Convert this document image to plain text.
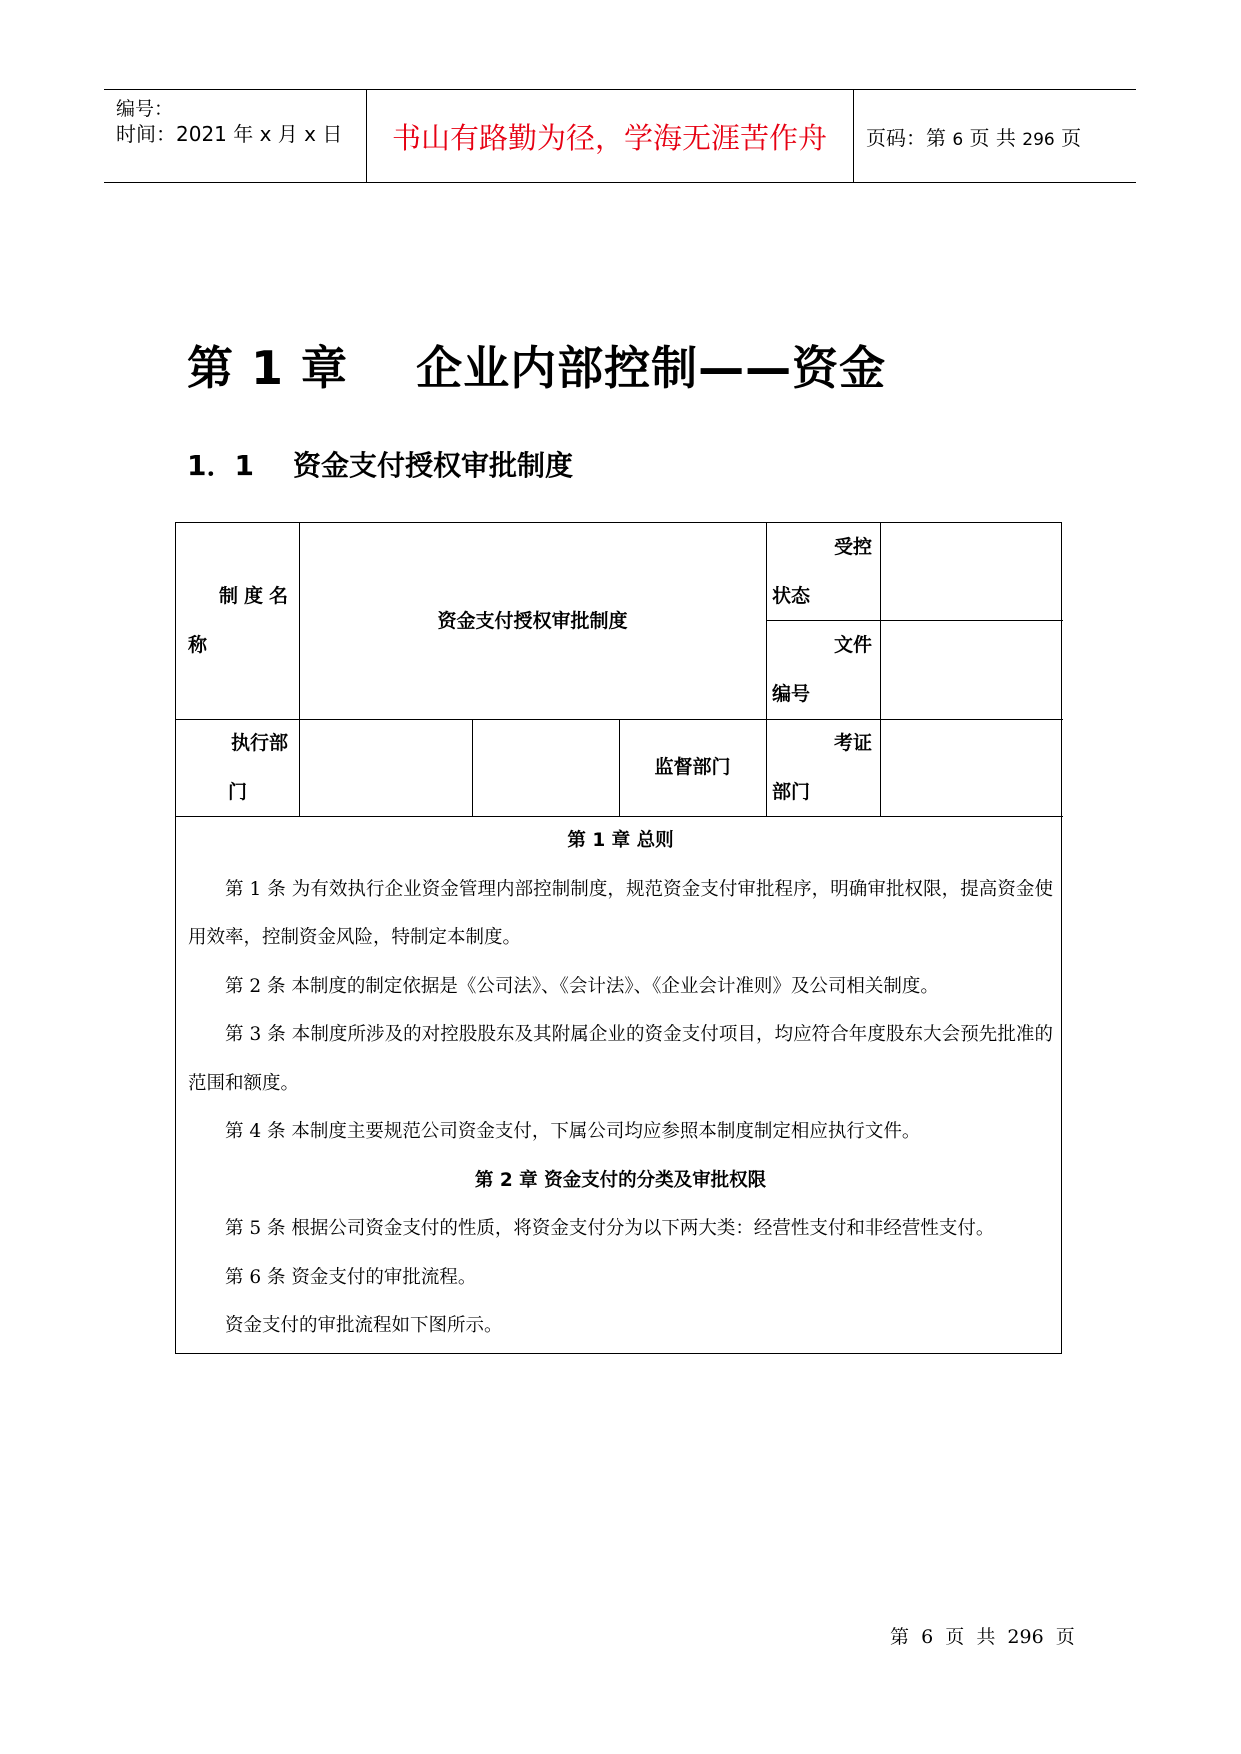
编号：
时间：2021 年 x 月 x 日	书山有路勤为径，学海无涯苦作舟	页码：第 6 页 共 296 页
第 1 章    企业内部控制——资金
1．1    资金支付授权审批制度
制度名
称
资金支付授权审批制度
受控
状态
文件
编号
执行部
门
监督部门
考证
部门
第 1 章 总则
第 1 条 为有效执行企业资金管理内部控制制度，规范资金支付审批程序，明确审批权限，提高资金使用效率，控制资金风险，特制定本制度。
第 2 条 本制度的制定依据是《公司法》、《会计法》、《企业会计准则》及公司相关制度。
第 3 条 本制度所涉及的对控股股东及其附属企业的资金支付项目，均应符合年度股东大会预先批准的范围和额度。
第 4 条 本制度主要规范公司资金支付，下属公司均应参照本制度制定相应执行文件。
第 2 章 资金支付的分类及审批权限
第 5 条 根据公司资金支付的性质，将资金支付分为以下两大类：经营性支付和非经营性支付。
第 6 条 资金支付的审批流程。
资金支付的审批流程如下图所示。
第  6  页  共  296  页
